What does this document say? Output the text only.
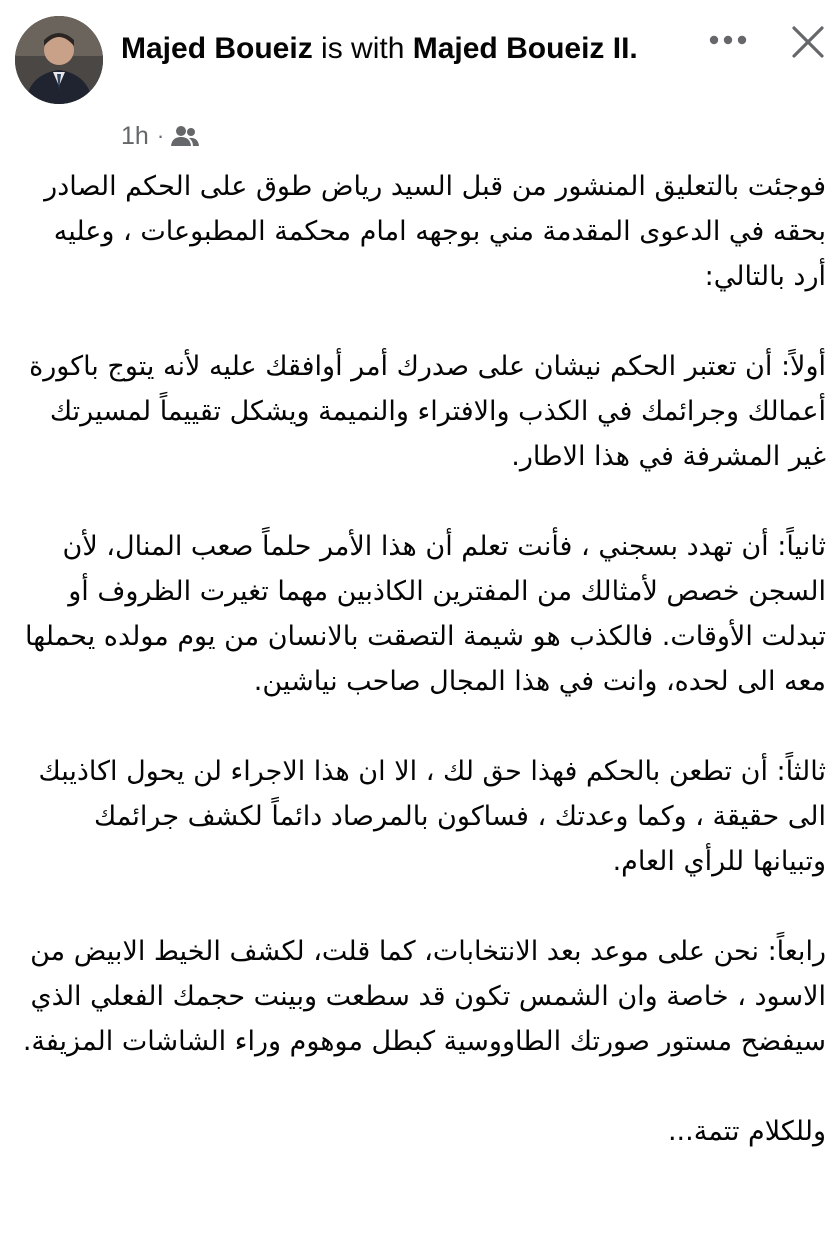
Majed Boueiz is with Majed Boueiz II.
1h ·

فوجئت بالتعليق المنشور من قبل السيد رياض طوق على الحكم الصادر بحقه في الدعوى المقدمة مني بوجهه امام محكمة المطبوعات ، وعليه أرد بالتالي:

أولاً: أن تعتبر الحكم نيشان على صدرك أمر أوافقك عليه لأنه يتوج باكورة أعمالك وجرائمك في الكذب والافتراء والنميمة ويشكل تقييماً لمسيرتك غير المشرفة في هذا الاطار.

ثانياً: أن تهدد بسجني ، فأنت تعلم أن هذا الأمر حلماً صعب المنال، لأن السجن خصص لأمثالك من المفترين الكاذبين مهما تغيرت الظروف أو تبدلت الأوقات. فالكذب هو شيمة التصقت بالانسان من يوم مولده يحملها معه الى لحده، وانت في هذا المجال صاحب نياشين.

ثالثاً: أن تطعن بالحكم فهذا حق لك ، الا ان هذا الاجراء لن يحول اكاذيبك الى حقيقة ، وكما وعدتك ، فساكون بالمرصاد دائماً لكشف جرائمك وتبيانها للرأي العام.

رابعاً: نحن على موعد بعد الانتخابات، كما قلت، لكشف الخيط الابيض من الاسود ، خاصة وان الشمس تكون قد سطعت وبينت حجمك الفعلي الذي سيفضح مستور صورتك الطاووسية كبطل موهوم وراء الشاشات المزيفة.

وللكلام تتمة...
